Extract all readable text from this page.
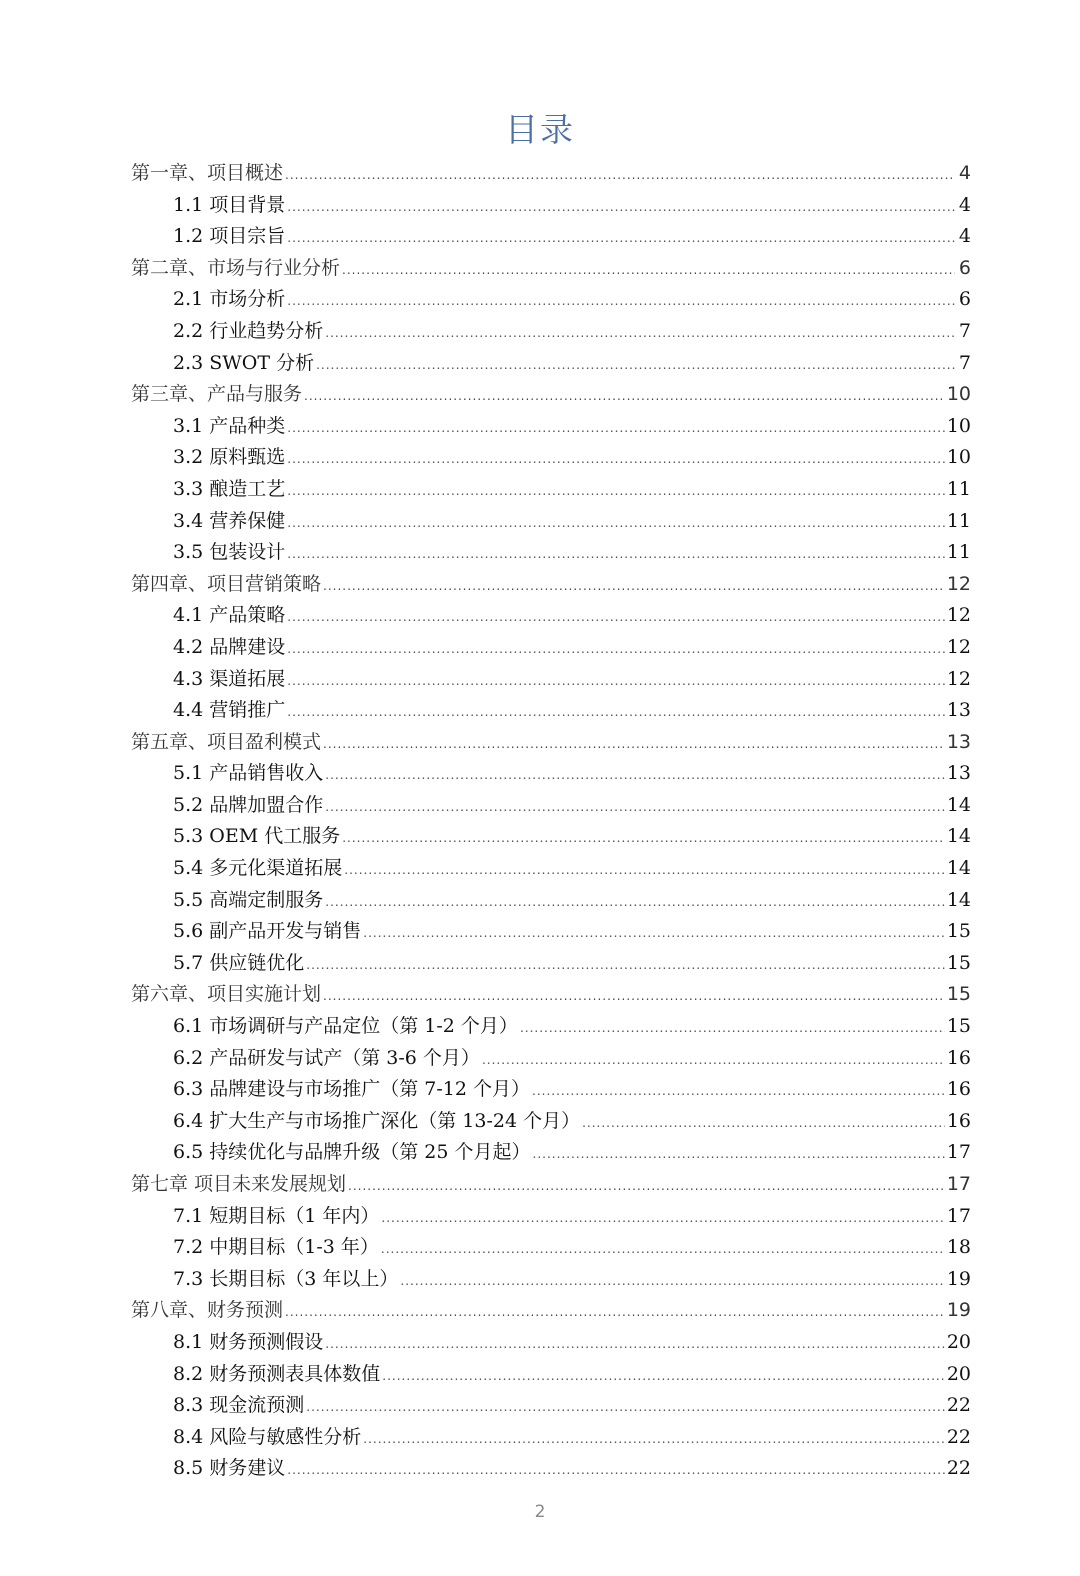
目录
第一章、项目概述 .....	4
1.1 项目背景 .....	4
1.2 项目宗旨 .....	4
第二章、市场与行业分析 .....	6
2.1 市场分析 .....	6
2.2 行业趋势分析 .....	7
2.3 SWOT 分析 .....	7
第三章、产品与服务 .....	10
3.1 产品种类 .....	10
3.2 原料甄选 .....	10
3.3 酿造工艺 .....	11
3.4 营养保健 .....	11
3.5 包装设计 .....	11
第四章、项目营销策略 .....	12
4.1 产品策略 .....	12
4.2 品牌建设 .....	12
4.3 渠道拓展 .....	12
4.4 营销推广 .....	13
第五章、项目盈利模式 .....	13
5.1 产品销售收入 .....	13
5.2 品牌加盟合作 .....	14
5.3 OEM 代工服务 .....	14
5.4 多元化渠道拓展 .....	14
5.5 高端定制服务 .....	14
5.6 副产品开发与销售 .....	15
5.7 供应链优化 .....	15
第六章、项目实施计划 .....	15
6.1 市场调研与产品定位（第 1-2 个月） .....	15
6.2 产品研发与试产（第 3-6 个月） .....	16
6.3 品牌建设与市场推广（第 7-12 个月） .....	16
6.4 扩大生产与市场推广深化（第 13-24 个月） .....	16
6.5 持续优化与品牌升级（第 25 个月起） .....	17
第七章 项目未来发展规划 .....	17
7.1 短期目标（1 年内） .....	17
7.2 中期目标（1-3 年） .....	18
7.3 长期目标（3 年以上） .....	19
第八章、财务预测 .....	19
8.1 财务预测假设 .....	20
8.2 财务预测表具体数值 .....	20
8.3 现金流预测 .....	22
8.4 风险与敏感性分析 .....	22
8.5 财务建议 .....	22
2
